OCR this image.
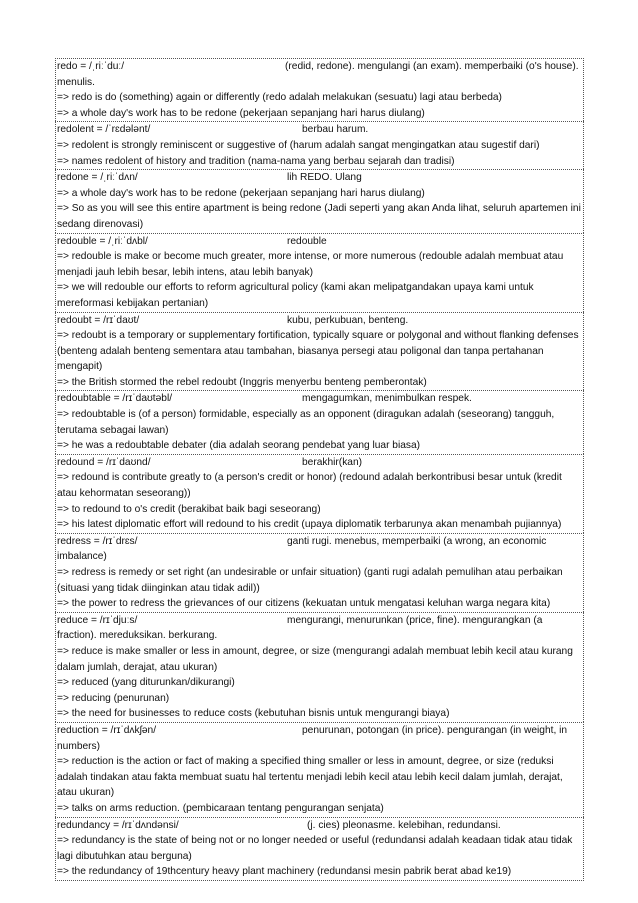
redo = /ˌriːˈduː/	(redid, redone). mengulangi (an exam). memperbaiki (o's house). menulis.
=> redo is do (something) again or differently (redo adalah melakukan (sesuatu) lagi atau berbeda)
=> a whole day's work has to be redone (pekerjaan sepanjang hari harus diulang)
redolent = /ˈrɛdələnt/	berbau harum.
=> redolent is strongly reminiscent or suggestive of (harum adalah sangat mengingatkan atau sugestif dari)
=> names redolent of history and tradition (nama-nama yang berbau sejarah dan tradisi)
redone = /ˌriːˈdʌn/	lih REDO. Ulang
=> a whole day's work has to be redone (pekerjaan sepanjang hari harus diulang)
=> So as you will see this entire apartment is being redone (Jadi seperti yang akan Anda lihat, seluruh apartemen ini sedang direnovasi)
redouble = /ˌriːˈdʌbl/	redouble
=> redouble is make or become much greater, more intense, or more numerous (redouble adalah membuat atau menjadi jauh lebih besar, lebih intens, atau lebih banyak)
=> we will redouble our efforts to reform agricultural policy (kami akan melipatgandakan upaya kami untuk mereformasi kebijakan pertanian)
redoubt = /rɪˈdaʊt/	kubu, perkubuan, benteng.
=> redoubt is a temporary or supplementary fortification, typically square or polygonal and without flanking defenses (benteng adalah benteng sementara atau tambahan, biasanya persegi atau poligonal dan tanpa pertahanan mengapit)
=> the British stormed the rebel redoubt (Inggris menyerbu benteng pemberontak)
redoubtable = /rɪˈdaʊtəbl/	mengagumkan, menimbulkan respek.
=> redoubtable is (of a person) formidable, especially as an opponent (diragukan adalah (seseorang) tangguh, terutama sebagai lawan)
=> he was a redoubtable debater (dia adalah seorang pendebat yang luar biasa)
redound = /rɪˈdaʊnd/	berakhir(kan)
=> redound is contribute greatly to (a person's credit or honor) (redound adalah berkontribusi besar untuk (kredit atau kehormatan seseorang))
=> to redound to o's credit (berakibat baik bagi seseorang)
=> his latest diplomatic effort will redound to his credit (upaya diplomatik terbarunya akan menambah pujiannya)
redress = /rɪˈdrɛs/	ganti rugi. menebus, memperbaiki (a wrong, an economic imbalance)
=> redress is remedy or set right (an undesirable or unfair situation) (ganti rugi adalah pemulihan atau perbaikan (situasi yang tidak diinginkan atau tidak adil))
=> the power to redress the grievances of our citizens (kekuatan untuk mengatasi keluhan warga negara kita)
reduce = /rɪˈdjuːs/	mengurangi, menurunkan (price, fine). mengurangkan (a fraction). mereduksikan. berkurang.
=> reduce is make smaller or less in amount, degree, or size (mengurangi adalah membuat lebih kecil atau kurang dalam jumlah, derajat, atau ukuran)
=> reduced (yang diturunkan/dikurangi)
=> reducing (penurunan)
=> the need for businesses to reduce costs (kebutuhan bisnis untuk mengurangi biaya)
reduction = /rɪˈdʌkʃən/	penurunan, potongan (in price). pengurangan (in weight, in numbers)
=> reduction is the action or fact of making a specified thing smaller or less in amount, degree, or size (reduksi adalah tindakan atau fakta membuat suatu hal tertentu menjadi lebih kecil atau lebih kecil dalam jumlah, derajat, atau ukuran)
=> talks on arms reduction. (pembicaraan tentang pengurangan senjata)
redundancy = /rɪˈdʌndənsi/	(j. cies) pleonasme. kelebihan, redundansi.
=> redundancy is the state of being not or no longer needed or useful (redundansi adalah keadaan tidak atau tidak lagi dibutuhkan atau berguna)
=> the redundancy of 19thcentury heavy plant machinery (redundansi mesin pabrik berat abad ke19)
